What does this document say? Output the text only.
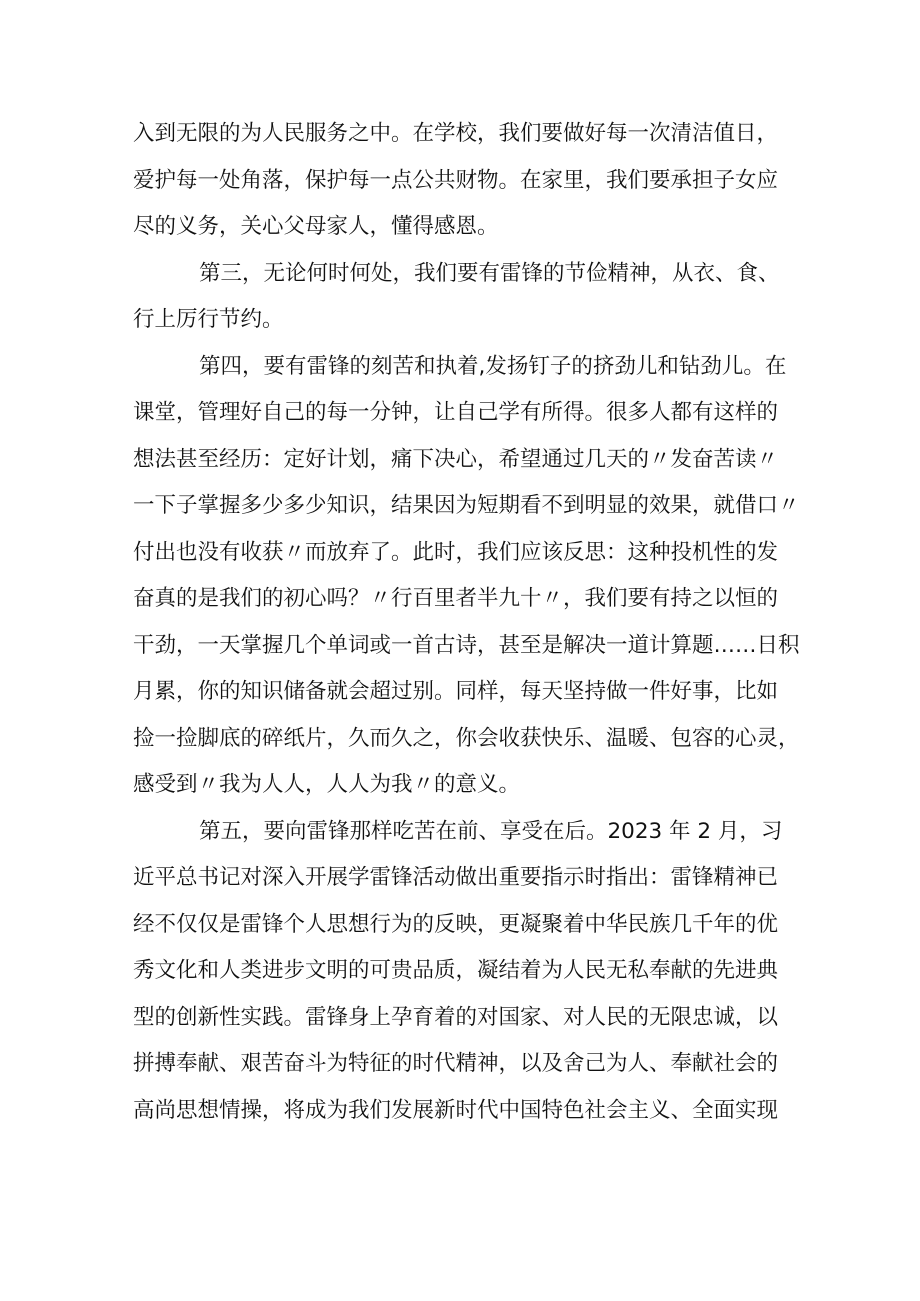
入到无限的为人民服务之中。在学校，我们要做好每一次清洁值日，
爱护每一处角落，保护每一点公共财物。在家里，我们要承担子女应
尽的义务，关心父母家人，懂得感恩。

第三，无论何时何处，我们要有雷锋的节俭精神，从衣、食、
行上厉行节约。

第四，要有雷锋的刻苦和执着,发扬钉子的挤劲儿和钻劲儿。在
课堂，管理好自己的每一分钟，让自己学有所得。很多人都有这样的
想法甚至经历：定好计划，痛下决心，希望通过几天的〃发奋苦读〃
一下子掌握多少多少知识，结果因为短期看不到明显的效果，就借口〃
付出也没有收获〃而放弃了。此时，我们应该反思：这种投机性的发
奋真的是我们的初心吗？〃行百里者半九十〃，我们要有持之以恒的
干劲，一天掌握几个单词或一首古诗，甚至是解决一道计算题……日积
月累，你的知识储备就会超过别。同样，每天坚持做一件好事，比如
捡一捡脚底的碎纸片，久而久之，你会收获快乐、温暖、包容的心灵，
感受到〃我为人人，人人为我〃的意义。

第五，要向雷锋那样吃苦在前、享受在后。2023 年 2 月，习
近平总书记对深入开展学雷锋活动做出重要指示时指出：雷锋精神已
经不仅仅是雷锋个人思想行为的反映，更凝聚着中华民族几千年的优
秀文化和人类进步文明的可贵品质，凝结着为人民无私奉献的先进典
型的创新性实践。雷锋身上孕育着的对国家、对人民的无限忠诚，以
拼搏奉献、艰苦奋斗为特征的时代精神，以及舍己为人、奉献社会的
高尚思想情操，将成为我们发展新时代中国特色社会主义、全面实现
